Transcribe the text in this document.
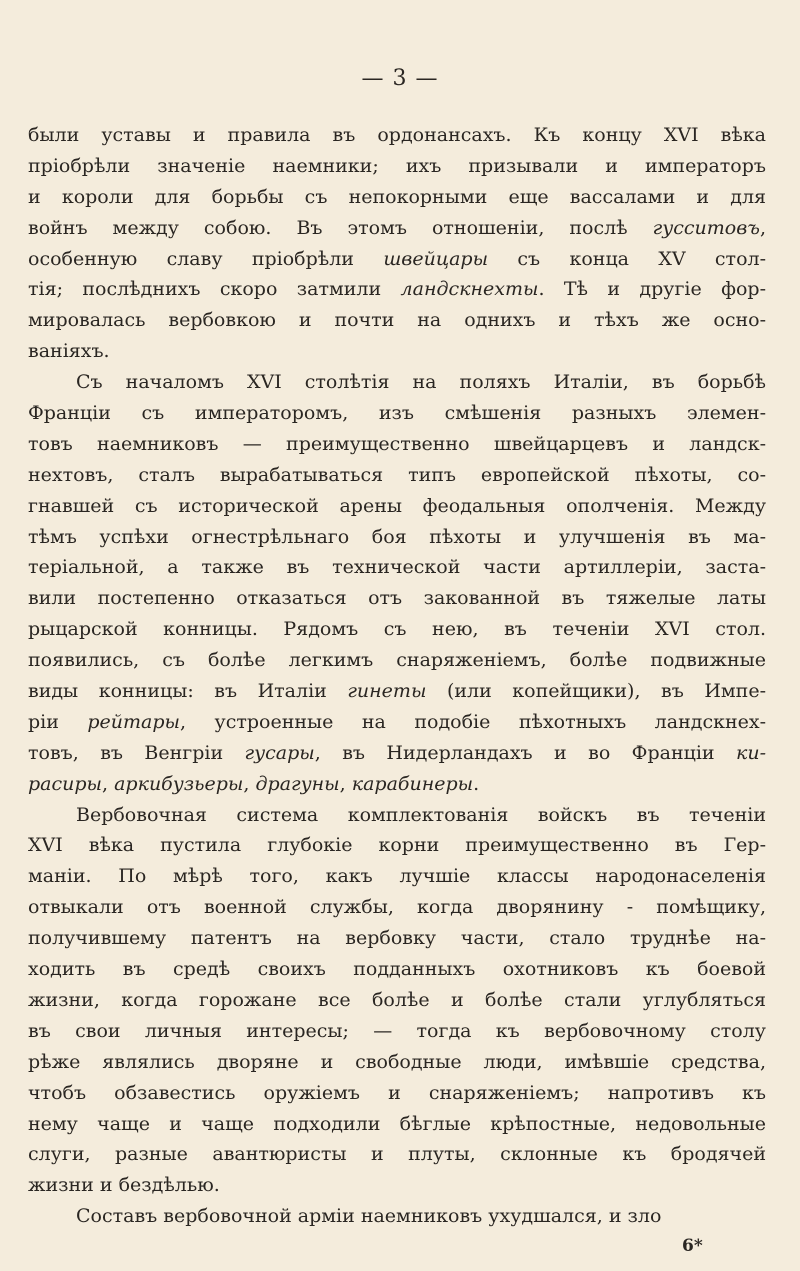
— 3 —
были уставы и правила въ ордонансахъ. Къ концу XVI вѣка
пріобрѣли значеніе наемники; ихъ призывали и императоръ
и короли для борьбы съ непокорными еще вассалами и для
войнъ между собою. Въ этомъ отношеніи, послѣ гусситовъ,
особенную славу пріобрѣли швейцары съ конца XV стол-
тія; послѣднихъ скоро затмили ландскнехты. Тѣ и другіе фор-
мировалась вербовкою и почти на однихъ и тѣхъ же осно-
ваніяхъ.
Съ началомъ XVI столѣтія на поляхъ Италіи, въ борьбѣ
Франціи съ императоромъ, изъ смѣшенія разныхъ элемен-
товъ наемниковъ — преимущественно швейцарцевъ и ландск-
нехтовъ, сталъ вырабатываться типъ европейской пѣхоты, со-
гнавшей съ исторической арены феодальныя ополченія. Между
тѣмъ успѣхи огнестрѣльнаго боя пѣхоты и улучшенія въ ма-
теріальной, а также въ технической части артиллеріи, заста-
вили постепенно отказаться отъ закованной въ тяжелые латы
рыцарской конницы. Рядомъ съ нею, въ теченіи XVI стол.
появились, съ болѣе легкимъ снаряженіемъ, болѣе подвижные
виды конницы: въ Италіи гинеты (или копейщики), въ Импе-
ріи рейтары, устроенные на подобіе пѣхотныхъ ландскнех-
товъ, въ Венгріи гусары, въ Нидерландахъ и во Франціи ки-
расиры, аркибузьеры, драгуны, карабинеры.
Вербовочная система комплектованія войскъ въ теченіи
XVI вѣка пустила глубокіе корни преимущественно въ Гер-
маніи. По мѣрѣ того, какъ лучшіе классы народонаселенія
отвыкали отъ военной службы, когда дворянину - помѣщику,
получившему патентъ на вербовку части, стало труднѣе на-
ходить въ средѣ своихъ подданныхъ охотниковъ къ боевой
жизни, когда горожане все болѣе и болѣе стали углубляться
въ свои личныя интересы; — тогда къ вербовочному столу
рѣже являлись дворяне и свободные люди, имѣвшіе средства,
чтобъ обзавестись оружіемъ и снаряженіемъ; напротивъ къ
нему чаще и чаще подходили бѣглые крѣпостные, недовольные
слуги, разные авантюристы и плуты, склонные къ бродячей
жизни и бездѣлью.
Составъ вербовочной арміи наемниковъ ухудшался, и зло
6*
